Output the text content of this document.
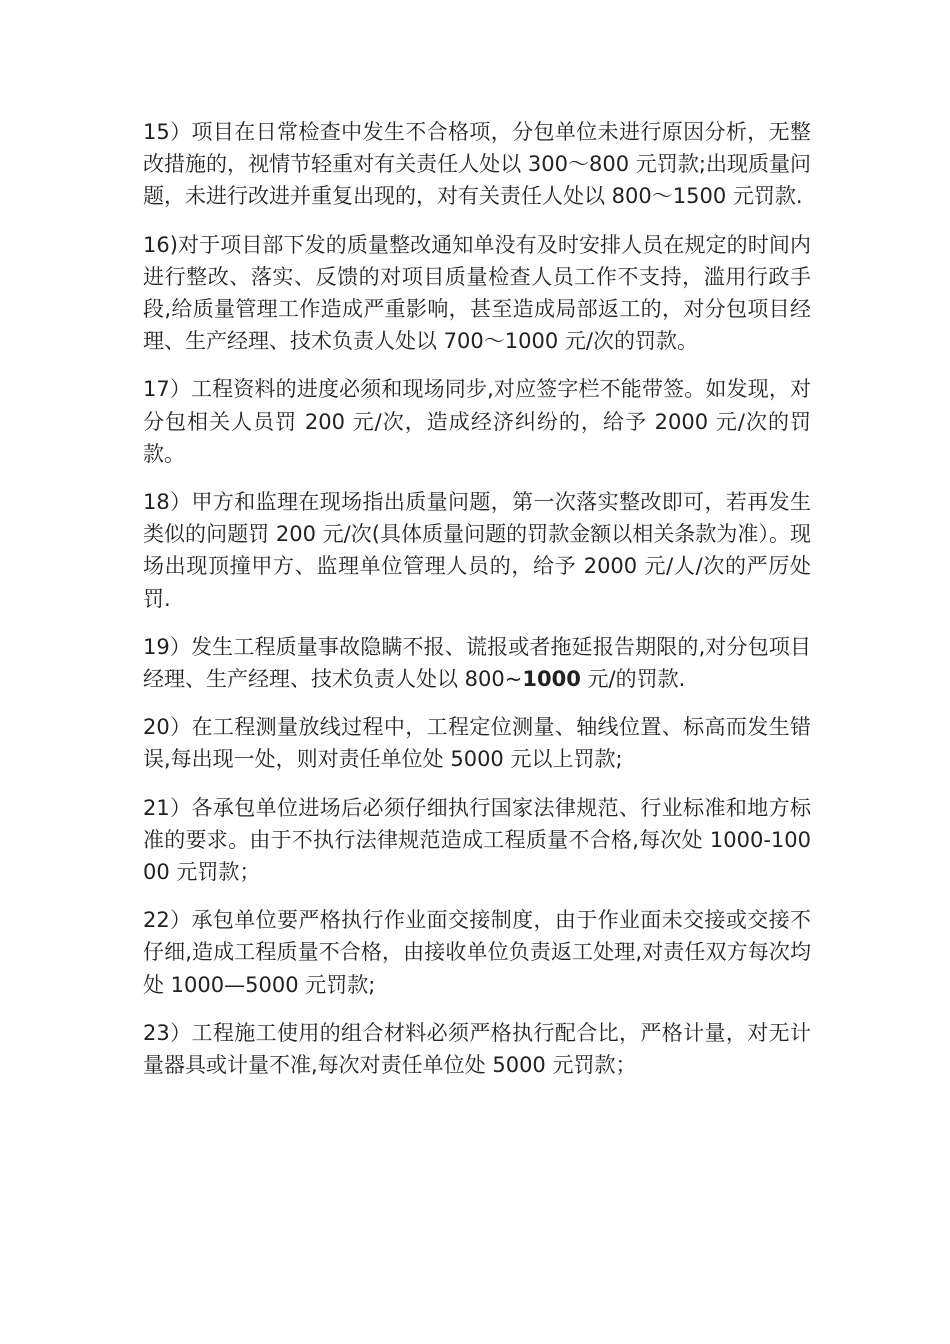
15）项目在日常检查中发生不合格项，分包单位未进行原因分析，无整改措施的，视情节轻重对有关责任人处以 300～800 元罚款;出现质量问题，未进行改进并重复出现的，对有关责任人处以 800～1500 元罚款.

16)对于项目部下发的质量整改通知单没有及时安排人员在规定的时间内进行整改、落实、反馈的对项目质量检查人员工作不支持，滥用行政手段,给质量管理工作造成严重影响，甚至造成局部返工的，对分包项目经理、生产经理、技术负责人处以 700～1000 元/次的罚款。

17）工程资料的进度必须和现场同步,对应签字栏不能带签。如发现，对分包相关人员罚 200 元/次，造成经济纠纷的，给予 2000 元/次的罚款。

18）甲方和监理在现场指出质量问题，第一次落实整改即可，若再发生类似的问题罚 200 元/次(具体质量问题的罚款金额以相关条款为准）。现场出现顶撞甲方、监理单位管理人员的，给予 2000 元/人/次的严厉处罚.

19）发生工程质量事故隐瞒不报、谎报或者拖延报告期限的,对分包项目经理、生产经理、技术负责人处以 800~1000 元/的罚款.

20）在工程测量放线过程中，工程定位测量、轴线位置、标高而发生错误,每出现一处，则对责任单位处 5000 元以上罚款;

21）各承包单位进场后必须仔细执行国家法律规范、行业标准和地方标准的要求。由于不执行法律规范造成工程质量不合格,每次处 1000-10000 元罚款；

22）承包单位要严格执行作业面交接制度，由于作业面未交接或交接不仔细,造成工程质量不合格，由接收单位负责返工处理,对责任双方每次均处 1000—5000 元罚款;

23）工程施工使用的组合材料必须严格执行配合比，严格计量，对无计量器具或计量不准,每次对责任单位处 5000 元罚款；
